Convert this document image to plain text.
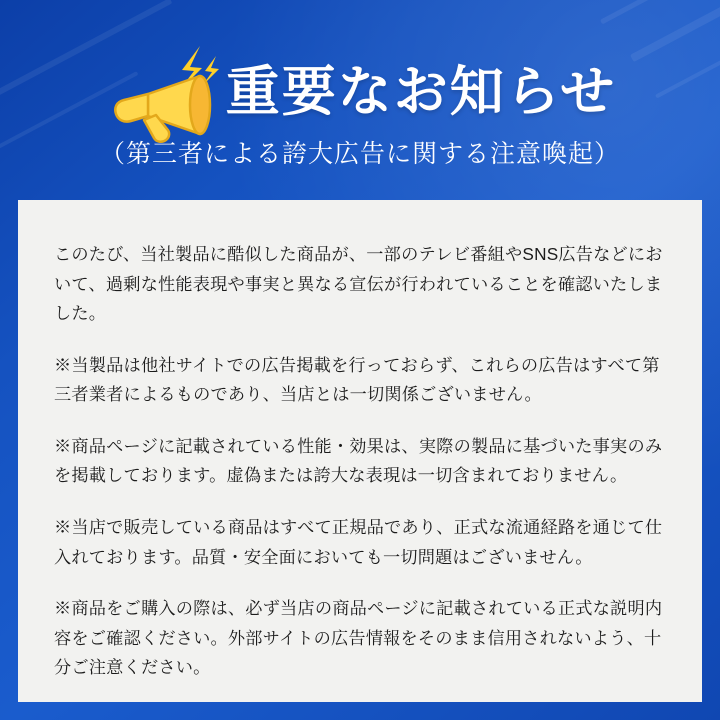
重要なお知らせ
（第三者による誇大広告に関する注意喚起）

このたび、当社製品に酷似した商品が、一部のテレビ番組やSNS広告などにおいて、過剰な性能表現や事実と異なる宣伝が行われていることを確認いたしました。

※当製品は他社サイトでの広告掲載を行っておらず、これらの広告はすべて第三者業者によるものであり、当店とは一切関係ございません。

※商品ページに記載されている性能・効果は、実際の製品に基づいた事実のみを掲載しております。虚偽または誇大な表現は一切含まれておりません。

※当店で販売している商品はすべて正規品であり、正式な流通経路を通じて仕入れております。品質・安全面においても一切問題はございません。

※商品をご購入の際は、必ず当店の商品ページに記載されている正式な説明内容をご確認ください。外部サイトの広告情報をそのまま信用されないよう、十分ご注意ください。
